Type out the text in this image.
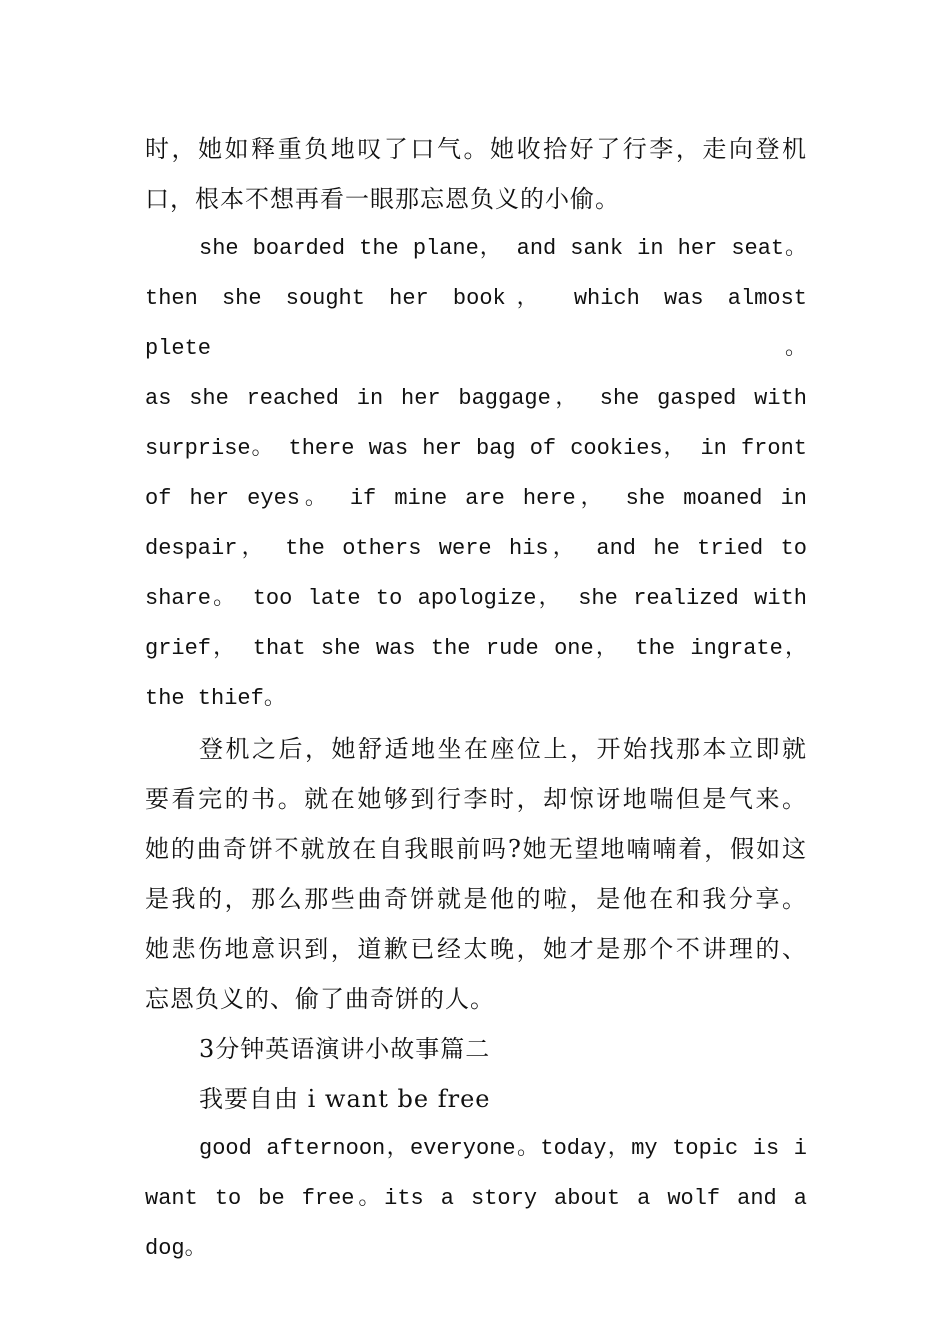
时，她如释重负地叹了口气。她收拾好了行李，走向登机
口，根本不想再看一眼那忘恩负义的小偷。
she boarded the plane， and sank in her seat。
then she sought her book， which was almost plete。
as she reached in her baggage， she gasped with
surprise。 there was her bag of cookies， in front
of her eyes。 if mine are here， she moaned in
despair， the others were his， and he tried to
share。 too late to apologize， she realized with
grief， that she was the rude one， the ingrate，
the thief。
登机之后，她舒适地坐在座位上，开始找那本立即就
要看完的书。就在她够到行李时，却惊讶地喘但是气来。
她的曲奇饼不就放在自我眼前吗?她无望地喃喃着，假如这
是我的，那么那些曲奇饼就是他的啦，是他在和我分享。
她悲伤地意识到，道歉已经太晚，她才是那个不讲理的、
忘恩负义的、偷了曲奇饼的人。
3分钟英语演讲小故事篇二
我要自由 i want be free
good afternoon，everyone。today，my topic is i
want to be free。its a story about a wolf and a
dog。
